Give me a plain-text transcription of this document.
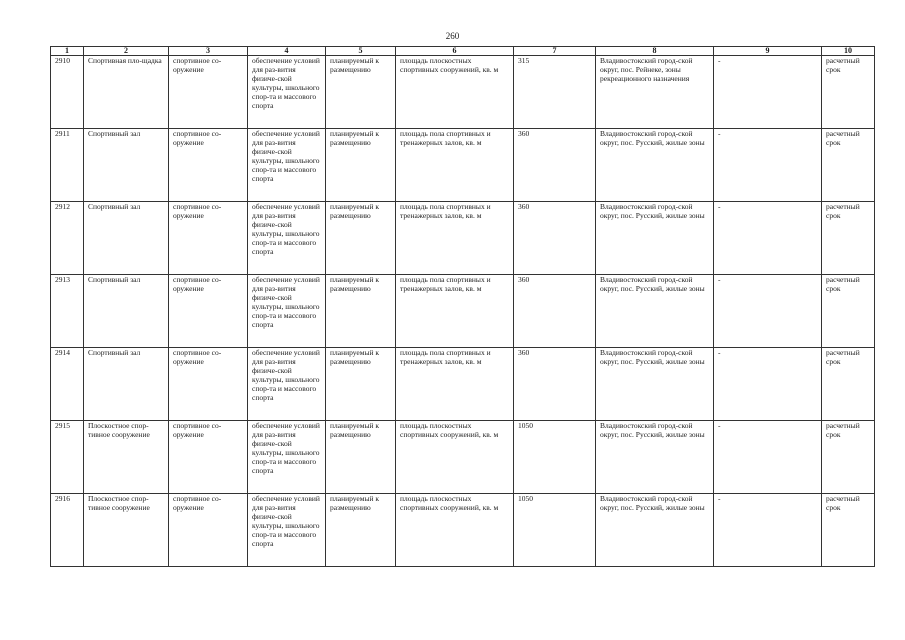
260
1	2	3	4	5	6	7	8	9	10
2910	Спортивная пло-щадка	спортивное со-оружение	обеспечение условий для раз-вития физиче-ской культуры, школьного спор-та и массового спорта	планируемый к размещению	площадь плоскостных спортивных сооружений, кв. м	315	Владивостокский город-ской округ, пос. Рейнеке, зоны рекреационного назначения	-	расчетный срок
2911	Спортивный зал	спортивное со-оружение	обеспечение условий для раз-вития физиче-ской культуры, школьного спор-та и массового спорта	планируемый к размещению	площадь пола спортивных и тренажерных залов, кв. м	360	Владивостокский город-ской округ, пос. Русский, жилые зоны	-	расчетный срок
2912	Спортивный зал	спортивное со-оружение	обеспечение условий для раз-вития физиче-ской культуры, школьного спор-та и массового спорта	планируемый к размещению	площадь пола спортивных и тренажерных залов, кв. м	360	Владивостокский город-ской округ, пос. Русский, жилые зоны	-	расчетный срок
2913	Спортивный зал	спортивное со-оружение	обеспечение условий для раз-вития физиче-ской культуры, школьного спор-та и массового спорта	планируемый к размещению	площадь пола спортивных и тренажерных залов, кв. м	360	Владивостокский город-ской округ, пос. Русский, жилые зоны	-	расчетный срок
2914	Спортивный зал	спортивное со-оружение	обеспечение условий для раз-вития физиче-ской культуры, школьного спор-та и массового спорта	планируемый к размещению	площадь пола спортивных и тренажерных залов, кв. м	360	Владивостокский город-ской округ, пос. Русский, жилые зоны	-	расчетный срок
2915	Плоскостное спор-тивное сооружение	спортивное со-оружение	обеспечение условий для раз-вития физиче-ской культуры, школьного спор-та и массового спорта	планируемый к размещению	площадь плоскостных спортивных сооружений, кв. м	1050	Владивостокский город-ской округ, пос. Русский, жилые зоны	-	расчетный срок
2916	Плоскостное спор-тивное сооружение	спортивное со-оружение	обеспечение условий для раз-вития физиче-ской культуры, школьного спор-та и массового спорта	планируемый к размещению	площадь плоскостных спортивных сооружений, кв. м	1050	Владивостокский город-ской округ, пос. Русский, жилые зоны	-	расчетный срок
